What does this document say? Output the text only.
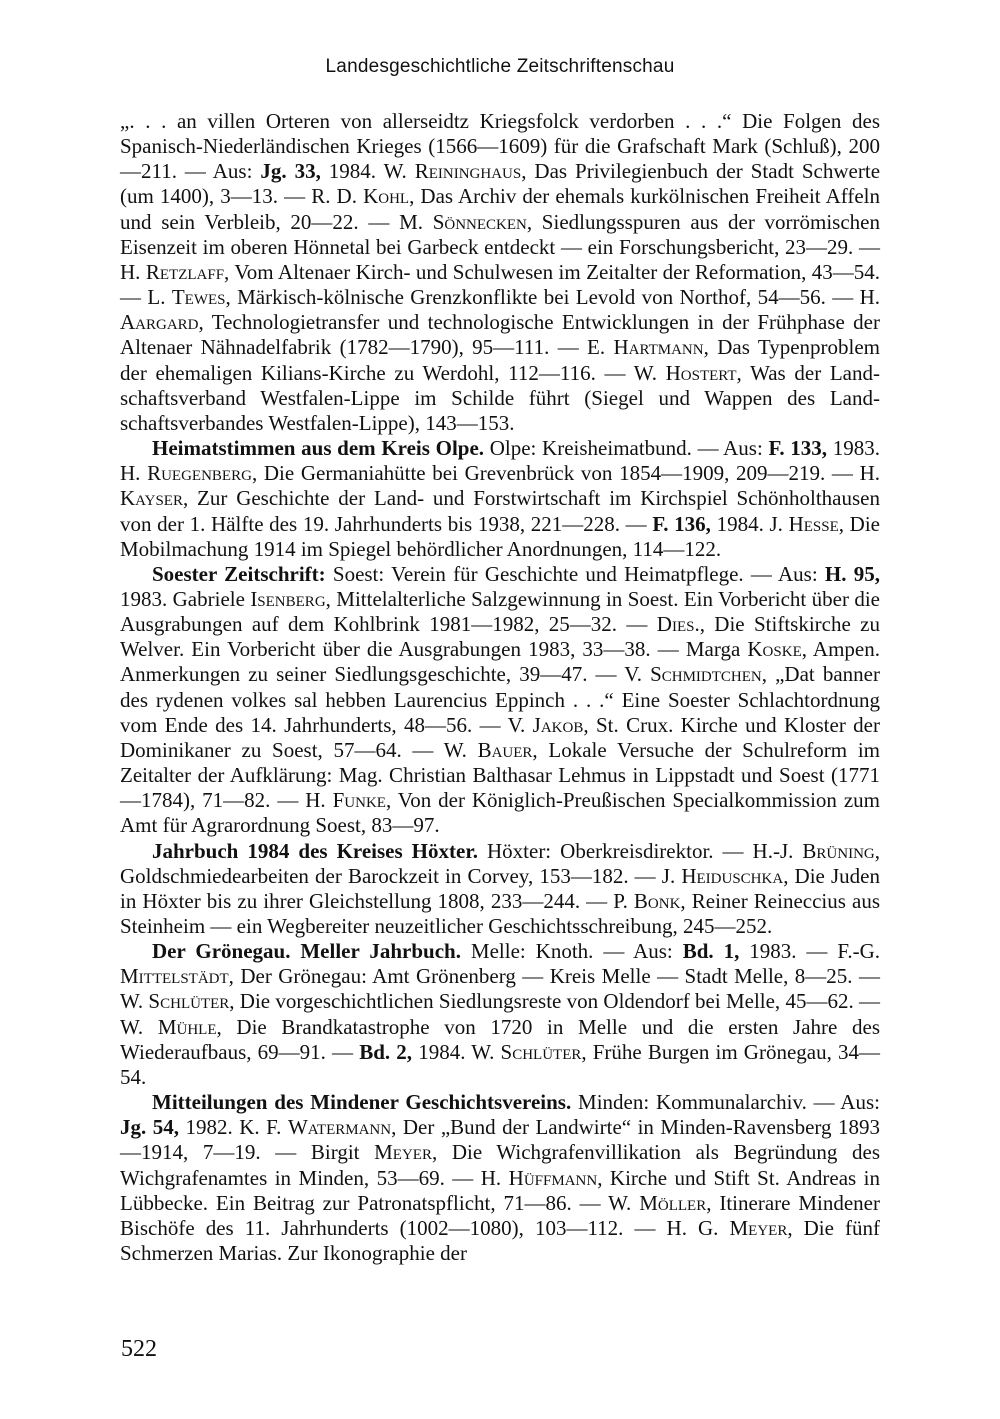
Landesgeschichtliche Zeitschriftenschau

„. . . an villen Orteren von allerseidtz Kriegsfolck verdorben . . .“ Die Folgen des Spanisch-Niederländischen Krieges (1566—1609) für die Grafschaft Mark (Schluß), 200—211. — Aus: Jg. 33, 1984. W. Reininghaus, Das Privilegienbuch der Stadt Schwerte (um 1400), 3—13. — R. D. Kohl, Das Archiv der ehemals kurkölnischen Freiheit Affeln und sein Verbleib, 20—22. — M. Sönnecken, Siedlungsspuren aus der vorrömischen Eisenzeit im oberen Hönnetal bei Garbeck entdeckt — ein Forschungsbericht, 23—29. — H. Retzlaff, Vom Altenaer Kirch- und Schulwesen im Zeitalter der Reformation, 43—54. — L. Tewes, Märkisch-kölnische Grenzkonflikte bei Levold von Northof, 54—56. — H. Aargard, Technologietransfer und technologische Entwicklungen in der Frühphase der Altenaer Nähnadelfabrik (1782—1790), 95—111. — E. Hartmann, Das Typenproblem der ehemaligen Kilians-Kirche zu Werdohl, 112—116. — W. Hostert, Was der Landschaftsverband Westfalen-Lippe im Schilde führt (Siegel und Wappen des Landschaftsverbandes Westfalen-Lippe), 143—153.

Heimatstimmen aus dem Kreis Olpe. Olpe: Kreisheimatbund. — Aus: F. 133, 1983. H. Ruegenberg, Die Germaniahütte bei Grevenbrück von 1854—1909, 209—219. — H. Kayser, Zur Geschichte der Land- und Forstwirtschaft im Kirchspiel Schönholthausen von der 1. Hälfte des 19. Jahrhunderts bis 1938, 221—228. — F. 136, 1984. J. Hesse, Die Mobilmachung 1914 im Spiegel behördlicher Anordnungen, 114—122.

Soester Zeitschrift: Soest: Verein für Geschichte und Heimatpflege. — Aus: H. 95, 1983. Gabriele Isenberg, Mittelalterliche Salzgewinnung in Soest. Ein Vorbericht über die Ausgrabungen auf dem Kohlbrink 1981—1982, 25—32. — Dies., Die Stiftskirche zu Welver. Ein Vorbericht über die Ausgrabungen 1983, 33—38. — Marga Koske, Ampen. Anmerkungen zu seiner Siedlungsgeschichte, 39—47. — V. Schmidtchen, „Dat banner des rydenen volkes sal hebben Laurencius Eppinch . . .“ Eine Soester Schlachtordnung vom Ende des 14. Jahrhunderts, 48—56. — V. Jakob, St. Crux. Kirche und Kloster der Dominikaner zu Soest, 57—64. — W. Bauer, Lokale Versuche der Schulreform im Zeitalter der Aufklärung: Mag. Christian Balthasar Lehmus in Lippstadt und Soest (1771—1784), 71—82. — H. Funke, Von der Königlich-Preußischen Specialkommission zum Amt für Agrarordnung Soest, 83—97.

Jahrbuch 1984 des Kreises Höxter. Höxter: Oberkreisdirektor. — H.-J. Brüning, Goldschmiedearbeiten der Barockzeit in Corvey, 153—182. — J. Heiduschka, Die Juden in Höxter bis zu ihrer Gleichstellung 1808, 233—244. — P. Bonk, Reiner Reineccius aus Steinheim — ein Wegbereiter neuzeitlicher Geschichtsschreibung, 245—252.

Der Grönegau. Meller Jahrbuch. Melle: Knoth. — Aus: Bd. 1, 1983. — F.-G. Mittelstädt, Der Grönegau: Amt Grönenberg — Kreis Melle — Stadt Melle, 8—25. — W. Schlüter, Die vorgeschichtlichen Siedlungsreste von Oldendorf bei Melle, 45—62. — W. Mühle, Die Brandkatastrophe von 1720 in Melle und die ersten Jahre des Wiederaufbaus, 69—91. — Bd. 2, 1984. W. Schlüter, Frühe Burgen im Grönegau, 34—54.

Mitteilungen des Mindener Geschichtsvereins. Minden: Kommunalarchiv. — Aus: Jg. 54, 1982. K. F. Watermann, Der „Bund der Landwirte“ in Minden-Ravensberg 1893—1914, 7—19. — Birgit Meyer, Die Wichgrafenvillikation als Begründung des Wichgrafenamtes in Minden, 53—69. — H. Hüffmann, Kirche und Stift St. Andreas in Lübbecke. Ein Beitrag zur Patronatspflicht, 71—86. — W. Möller, Itinerare Mindener Bischöfe des 11. Jahrhunderts (1002—1080), 103—112. — H. G. Meyer, Die fünf Schmerzen Marias. Zur Ikonographie der

522
